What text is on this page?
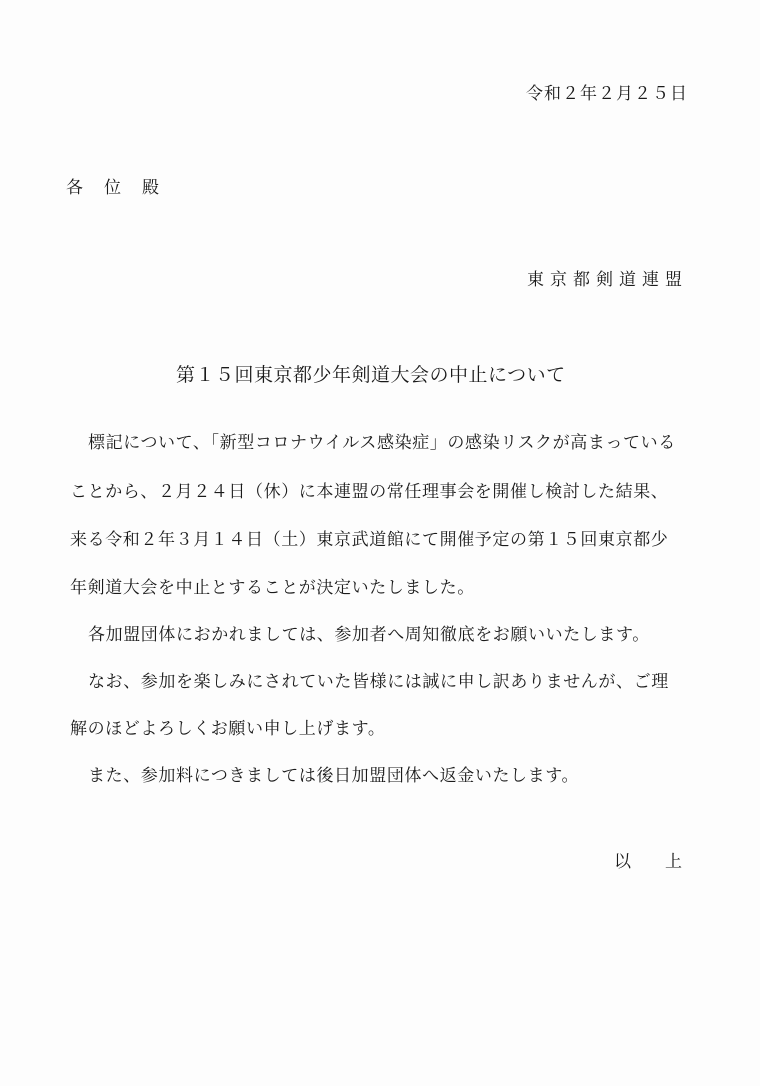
令和２年２月２５日
各位殿
東京都剣道連盟
第１５回東京都少年剣道大会の中止について
標記について、「新型コロナウイルス感染症」の感染リスクが高まっている
ことから、２月２４日（休）に本連盟の常任理事会を開催し検討した結果、
来る令和２年３月１４日（土）東京武道館にて開催予定の第１５回東京都少
年剣道大会を中止とすることが決定いたしました。
各加盟団体におかれましては、参加者へ周知徹底をお願いいたします。
なお、参加を楽しみにされていた皆様には誠に申し訳ありませんが、ご理
解のほどよろしくお願い申し上げます。
また、参加料につきましては後日加盟団体へ返金いたします。
以上
